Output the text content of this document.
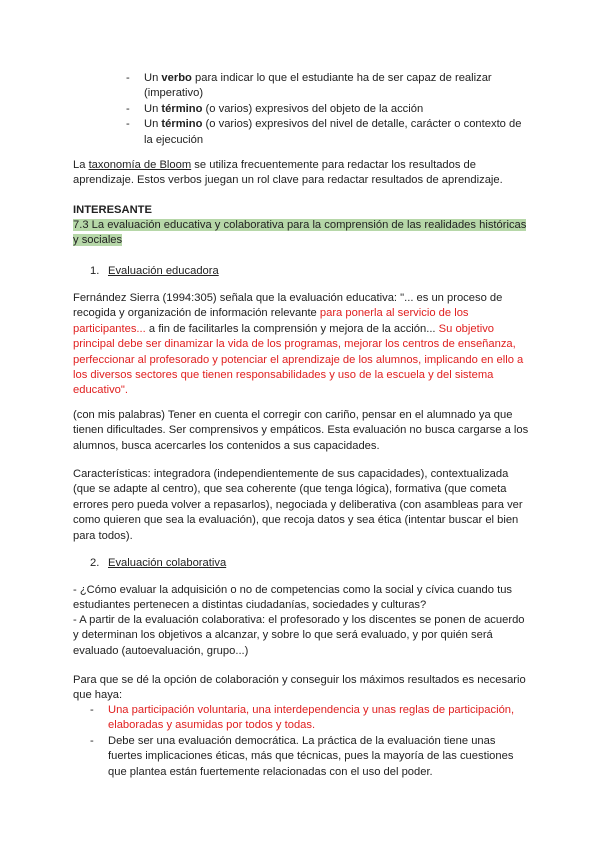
- Un verbo para indicar lo que el estudiante ha de ser capaz de realizar (imperativo)
- Un término (o varios) expresivos del objeto de la acción
- Un término (o varios) expresivos del nivel de detalle, carácter o contexto de la ejecución

La taxonomía de Bloom se utiliza frecuentemente para redactar los resultados de aprendizaje. Estos verbos juegan un rol clave para redactar resultados de aprendizaje.

INTERESANTE

7.3 La evaluación educativa y colaborativa para la comprensión de las realidades históricas y sociales

1. Evaluación educadora

Fernández Sierra (1994:305) señala que la evaluación educativa: "... es un proceso de recogida y organización de información relevante para ponerla al servicio de los participantes... a fin de facilitarles la comprensión y mejora de la acción... Su objetivo principal debe ser dinamizar la vida de los programas, mejorar los centros de enseñanza, perfeccionar al profesorado y potenciar el aprendizaje de los alumnos, implicando en ello a los diversos sectores que tienen responsabilidades y uso de la escuela y del sistema educativo".

(con mis palabras) Tener en cuenta el corregir con cariño, pensar en el alumnado ya que tienen dificultades. Ser comprensivos y empáticos. Esta evaluación no busca cargarse a los alumnos, busca acercarles los contenidos a sus capacidades.

Características: integradora (independientemente de sus capacidades), contextualizada (que se adapte al centro), que sea coherente (que tenga lógica), formativa (que cometa errores pero pueda volver a repasarlos), negociada y deliberativa (con asambleas para ver como quieren que sea la evaluación), que recoja datos y sea ética (intentar buscar el bien para todos).

2. Evaluación colaborativa

- ¿Cómo evaluar la adquisición o no de competencias como la social y cívica cuando tus estudiantes pertenecen a distintas ciudadanías, sociedades y culturas?

- A partir de la evaluación colaborativa: el profesorado y los discentes se ponen de acuerdo y determinan los objetivos a alcanzar, y sobre lo que será evaluado, y por quién será evaluado (autoevaluación, grupo...)

Para que se dé la opción de colaboración y conseguir los máximos resultados es necesario que haya:

- Una participación voluntaria, una interdependencia y unas reglas de participación, elaboradas y asumidas por todos y todas.
- Debe ser una evaluación democrática. La práctica de la evaluación tiene unas fuertes implicaciones éticas, más que técnicas, pues la mayoría de las cuestiones que plantea están fuertemente relacionadas con el uso del poder.
